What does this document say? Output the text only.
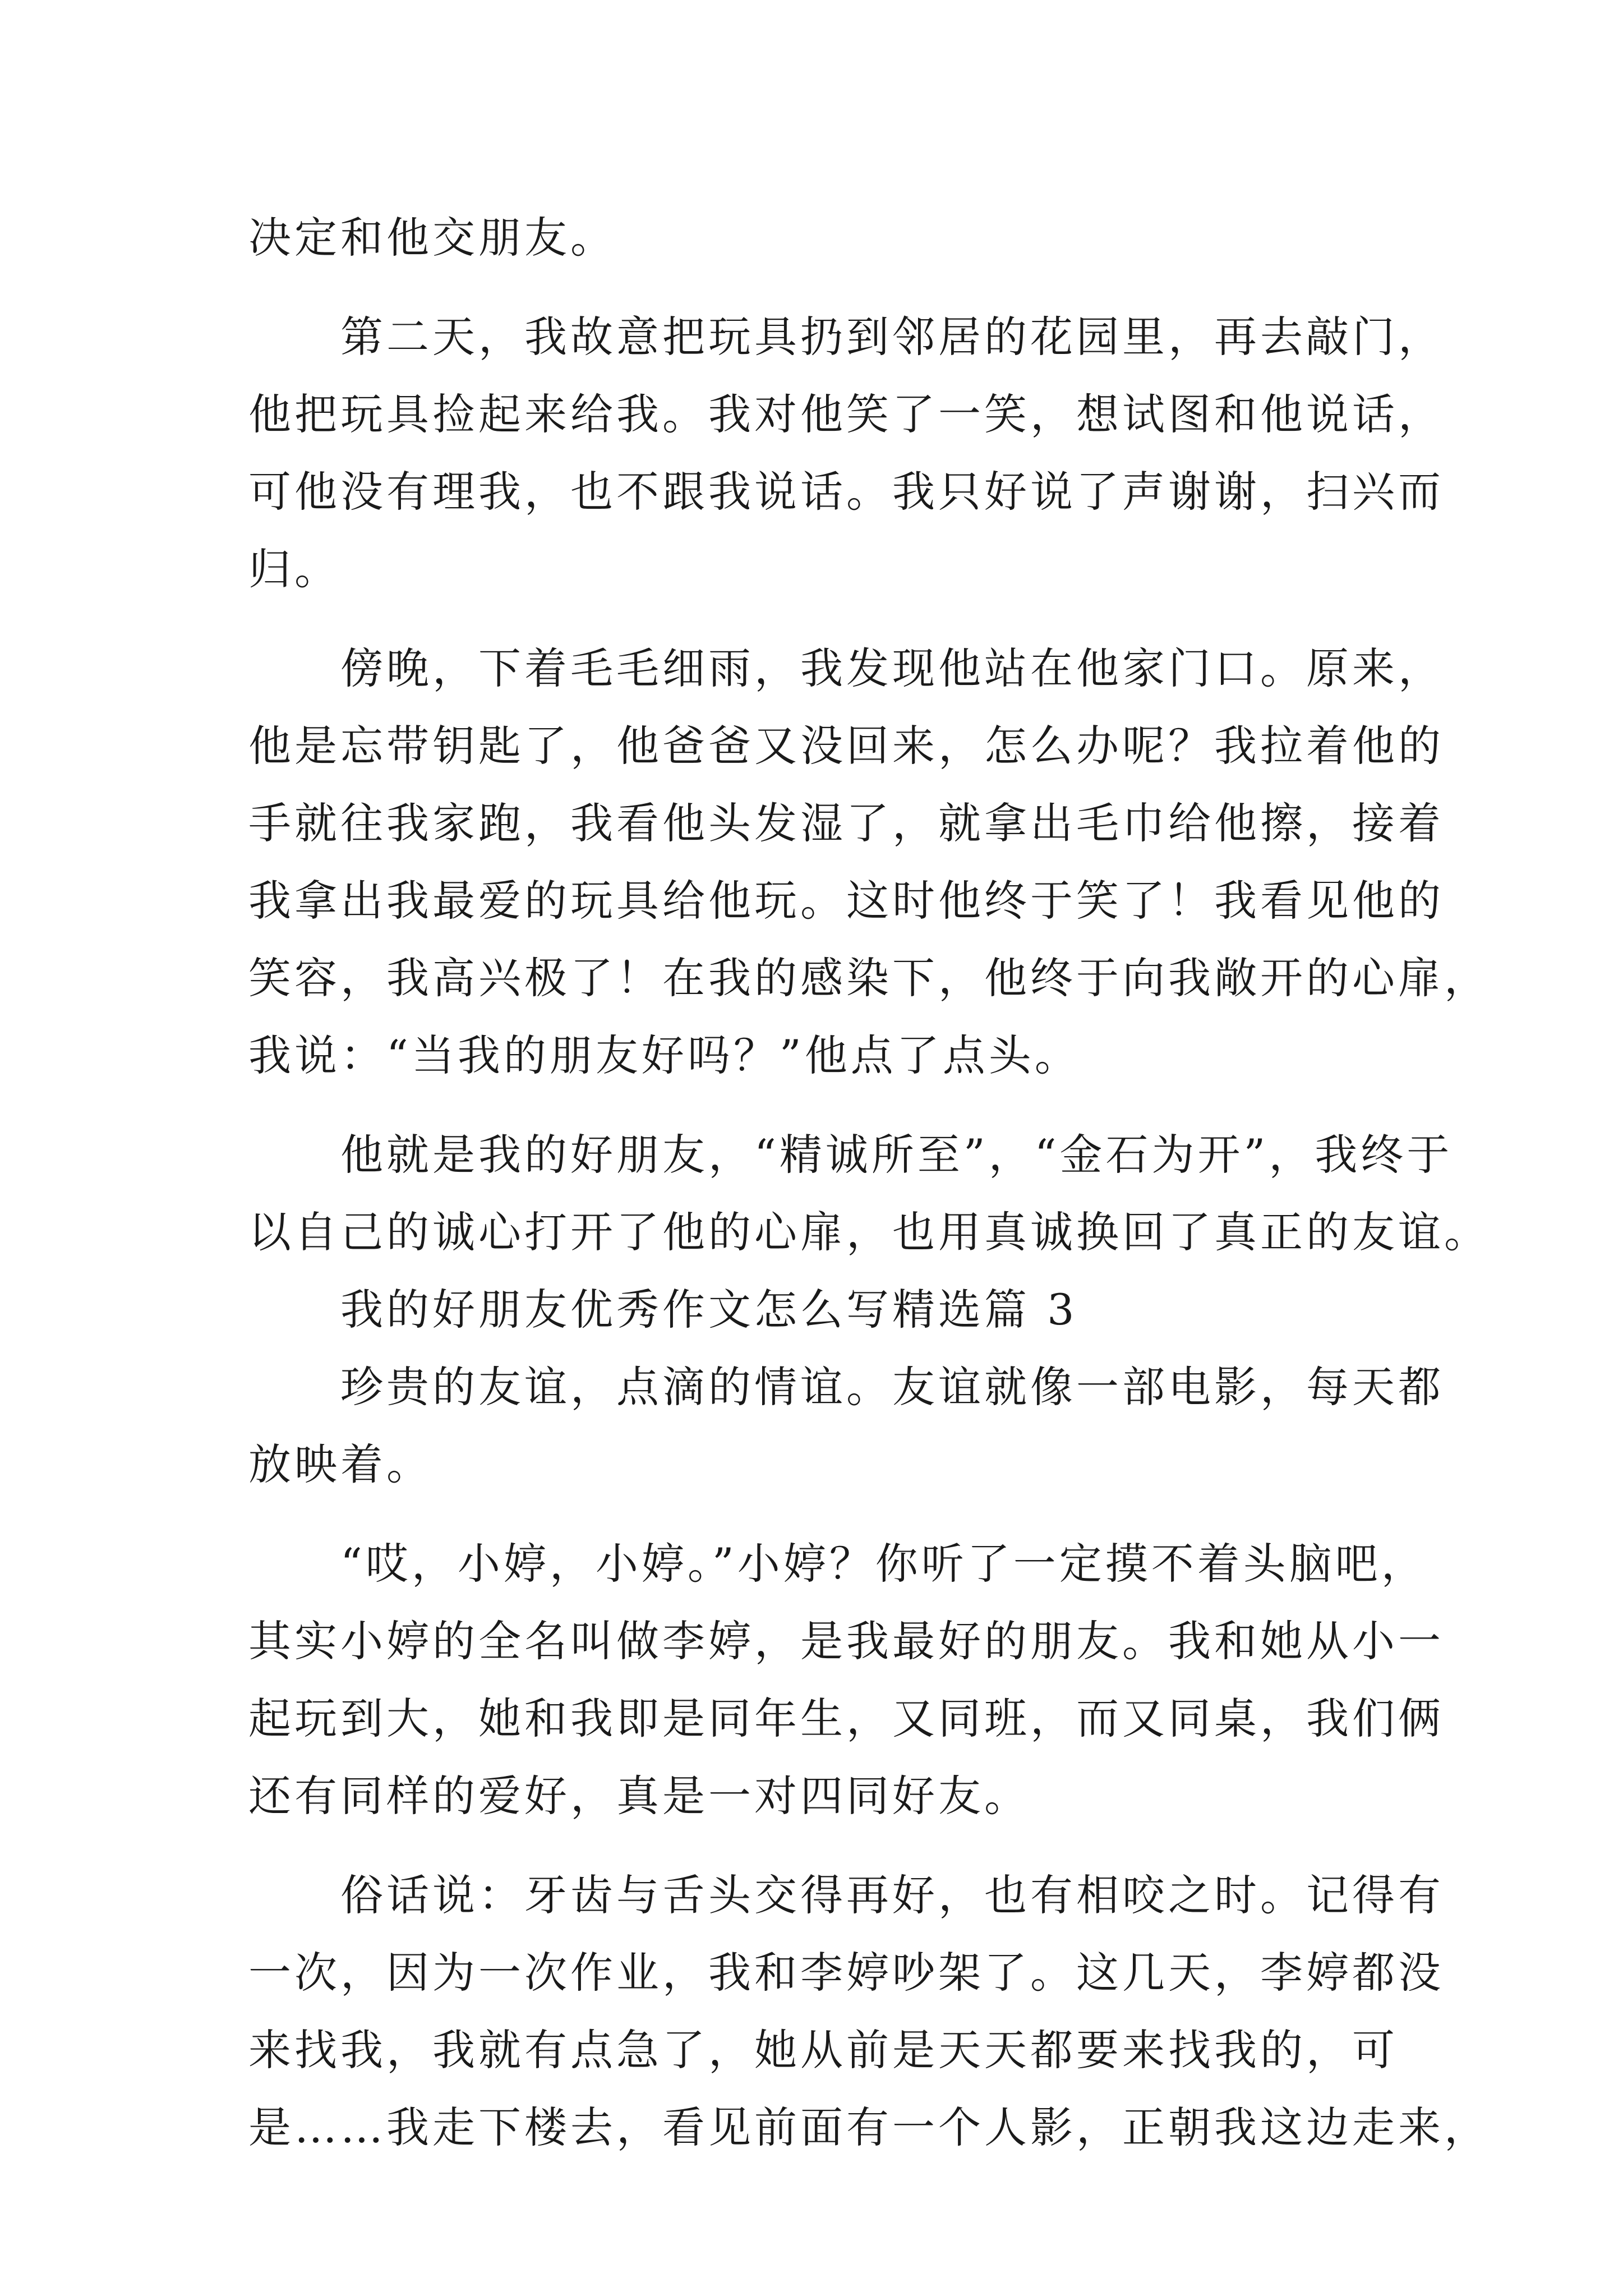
决定和他交朋友。
第二天，我故意把玩具扔到邻居的花园里，再去敲门，
他把玩具捡起来给我。我对他笑了一笑，想试图和他说话，
可他没有理我，也不跟我说话。我只好说了声谢谢，扫兴而
归。
傍晚，下着毛毛细雨，我发现他站在他家门口。原来，
他是忘带钥匙了，他爸爸又没回来，怎么办呢？我拉着他的
手就往我家跑，我看他头发湿了，就拿出毛巾给他擦，接着
我拿出我最爱的玩具给他玩。这时他终于笑了！我看见他的
笑容，我高兴极了！在我的感染下，他终于向我敞开的心扉，
我说：“当我的朋友好吗？”他点了点头。
他就是我的好朋友，“精诚所至”，“金石为开”，我终于
以自己的诚心打开了他的心扉，也用真诚换回了真正的友谊。
我的好朋友优秀作文怎么写精选篇 3
珍贵的友谊，点滴的情谊。友谊就像一部电影，每天都
放映着。
“哎，小婷，小婷。”小婷？你听了一定摸不着头脑吧，
其实小婷的全名叫做李婷，是我最好的朋友。我和她从小一
起玩到大，她和我即是同年生，又同班，而又同桌，我们俩
还有同样的爱好，真是一对四同好友。
俗话说：牙齿与舌头交得再好，也有相咬之时。记得有
一次，因为一次作业，我和李婷吵架了。这几天，李婷都没
来找我，我就有点急了，她从前是天天都要来找我的，可
是……我走下楼去，看见前面有一个人影，正朝我这边走来，
